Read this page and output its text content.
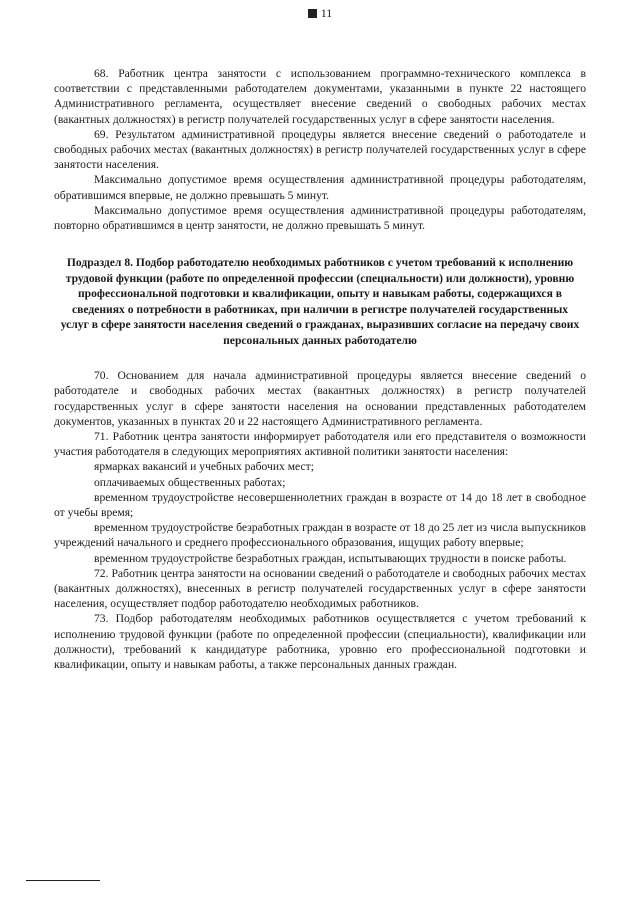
11

68. Работник центра занятости с использованием программно-технического комплекса в соответствии с представленными работодателем документами, указанными в пункте 22 настоящего Административного регламента, осуществляет внесение сведений о свободных рабочих местах (вакантных должностях) в регистр получателей государственных услуг в сфере занятости населения.

69. Результатом административной процедуры является внесение сведений о работодателе и свободных рабочих местах (вакантных должностях) в регистр получателей государственных услуг в сфере занятости населения.

Максимально допустимое время осуществления административной процедуры работодателям, обратившимся впервые, не должно превышать 5 минут.

Максимально допустимое время осуществления административной процедуры работодателям, повторно обратившимся в центр занятости, не должно превышать 5 минут.

Подраздел 8. Подбор работодателю необходимых работников с учетом требований к исполнению трудовой функции (работе по определенной профессии (специальности) или должности), уровню профессиональной подготовки и квалификации, опыту и навыкам работы, содержащихся в сведениях о потребности в работниках, при наличии в регистре получателей государственных услуг в сфере занятости населения сведений о гражданах, выразивших согласие на передачу своих персональных данных работодателю

70. Основанием для начала административной процедуры является внесение сведений о работодателе и свободных рабочих местах (вакантных должностях) в регистр получателей государственных услуг в сфере занятости населения на основании представленных работодателем документов, указанных в пунктах 20 и 22 настоящего Административного регламента.

71. Работник центра занятости информирует работодателя или его представителя о возможности участия работодателя в следующих мероприятиях активной политики занятости населения:

ярмарках вакансий и учебных рабочих мест;

оплачиваемых общественных работах;

временном трудоустройстве несовершеннолетних граждан в возрасте от 14 до 18 лет в свободное от учебы время;

временном трудоустройстве безработных граждан в возрасте от 18 до 25 лет из числа выпускников учреждений начального и среднего профессионального образования, ищущих работу впервые;

временном трудоустройстве безработных граждан, испытывающих трудности в поиске работы.

72. Работник центра занятости на основании сведений о работодателе и свободных рабочих местах (вакантных должностях), внесенных в регистр получателей государственных услуг в сфере занятости населения, осуществляет подбор работодателю необходимых работников.

73. Подбор работодателям необходимых работников осуществляется с учетом требований к исполнению трудовой функции (работе по определенной профессии (специальности), квалификации или должности), требований к кандидатуре работника, уровню его профессиональной подготовки и квалификации, опыту и навыкам работы, а также персональных данных граждан.
